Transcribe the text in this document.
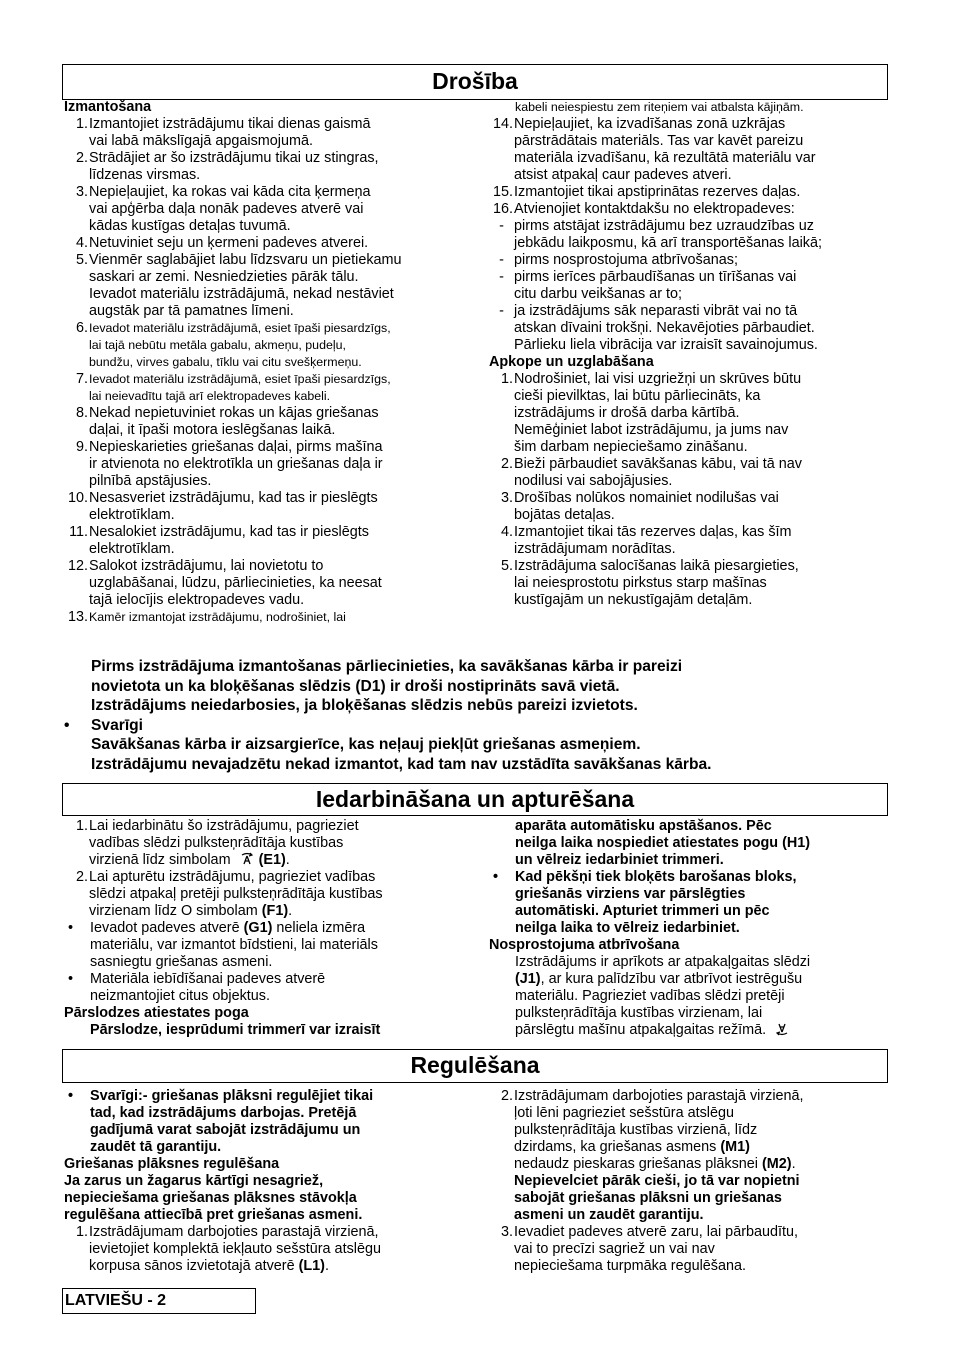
Drošība
Izmantošana
1. Izmantojiet izstrādājumu tikai dienas gaismā
vai labā mākslīgajā apgaismojumā.
2. Strādājiet ar šo izstrādājumu tikai uz stingras,
līdzenas virsmas.
3. Nepieļaujiet, ka rokas vai kāda cita ķermeņa
vai apģērba daļa nonāk padeves atverē vai
kādas kustīgas detaļas tuvumā.
4. Netuviniet seju un ķermeni padeves atverei.
5. Vienmēr saglabājiet labu līdzsvaru un pietiekamu
saskari ar zemi. Nesniedzieties pārāk tālu.
Ievadot materiālu izstrādājumā, nekad nestāviet
augstāk par tā pamatnes līmeni.
6. Ievadot materiālu izstrādājumā, esiet īpaši piesardzīgs,
lai tajā nebūtu metāla gabalu, akmeņu, pudeļu,
bundžu, virves gabalu, tīklu vai citu svešķermeņu.
7. Ievadot materiālu izstrādājumā, esiet īpaši piesardzīgs,
lai neievadītu tajā arī elektropadeves kabeli.
8. Nekad nepietuviniet rokas un kājas griešanas
daļai, it īpaši motora ieslēgšanas laikā.
9. Nepieskarieties griešanas daļai, pirms mašīna
ir atvienota no elektrotīkla un griešanas daļa ir
pilnībā apstājusies.
10. Nesasveriet izstrādājumu, kad tas ir pieslēgts
elektrotīklam.
11. Nesalokiet izstrādājumu, kad tas ir pieslēgts
elektrotīklam.
12. Salokot izstrādājumu, lai novietotu to
uzglabāšanai, lūdzu, pārliecinieties, ka neesat
tajā ielocījis elektropadeves vadu.
13. Kamēr izmantojat izstrādājumu, nodrošiniet, lai
kabeli neiespiestu zem riteņiem vai atbalsta kājiņām.
14. Nepieļaujiet, ka izvadīšanas zonā uzkrājas
pārstrādātais materiāls. Tas var kavēt pareizu
materiāla izvadīšanu, kā rezultātā materiālu var
atsist atpakaļ caur padeves atveri.
15. Izmantojiet tikai apstiprinātas rezerves daļas.
16. Atvienojiet kontaktdakšu no elektropadeves:
- pirms atstājat izstrādājumu bez uzraudzības uz
jebkādu laikposmu, kā arī transportēšanas laikā;
- pirms nosprostojuma atbrīvošanas;
- pirms ierīces pārbaudīšanas un tīrīšanas vai
citu darbu veikšanas ar to;
- ja izstrādājums sāk neparasti vibrāt vai no tā
atskan dīvaini trokšņi. Nekavējoties pārbaudiet.
Pārlieku liela vibrācija var izraisīt savainojumus.
Apkope un uzglabāšana
1. Nodrošiniet, lai visi uzgriežņi un skrūves būtu
cieši pievilktas, lai būtu pārliecināts, ka
izstrādājums ir drošā darba kārtībā.
Nemēģiniet labot izstrādājumu, ja jums nav
šim darbam nepieciešamo zināšanu.
2. Bieži pārbaudiet savākšanas kābu, vai tā nav
nodilusi vai sabojājusies.
3. Drošības nolūkos nomainiet nodilušas vai
bojātas detaļas.
4. Izmantojiet tikai tās rezerves daļas, kas šīm
izstrādājumam norādītas.
5. Izstrādājuma salocīšanas laikā piesargieties,
lai neiesprostotu pirkstus starp mašīnas
kustīgajām un nekustīgajām detaļām.
Pirms izstrādājuma izmantošanas pārliecinieties, ka savākšanas kārba ir pareizi
novietota un ka bloķēšanas slēdzis (D1) ir droši nostiprināts savā vietā.
Izstrādājums neiedarbosies, ja bloķēšanas slēdzis nebūs pareizi izvietots.
•	Svarīgi
Savākšanas kārba ir aizsargierīce, kas neļauj piekļūt griešanas asmeņiem.
Izstrādājumu nevajadzētu nekad izmantot, kad tam nav uzstādīta savākšanas kārba.
Iedarbināšana un apturēšana
1. Lai iedarbinātu šo izstrādājumu, pagrieziet
vadības slēdzi pulksteņrādītāja kustības
virzienā līdz simbolam (E1).
2. Lai apturētu izstrādājumu, pagrieziet vadības
slēdzi atpakaļ pretēji pulksteņrādītāja kustības
virzienam līdz O simbolam (F1).
•	Ievadot padeves atverē (G1) neliela izmēra
materiālu, var izmantot bīdstieni, lai materiāls
sasniegtu griešanas asmeni.
•	Materiāla iebīdīšanai padeves atverē
neizmantojiet citus objektus.
Pārslodzes atiestates poga
Pārslodze, iesprūdumi trimmerī var izraisīt
aparāta automātisku apstāšanos. Pēc
neilga laika nospiediet atiestates pogu (H1)
un vēlreiz iedarbiniet trimmeri.
•	Kad pēkšņi tiek bloķēts barošanas bloks,
griešanās virziens var pārslēgties
automātiski. Apturiet trimmeri un pēc
neilga laika to vēlreiz iedarbiniet.
Nosprostojuma atbrīvošana
Izstrādājums ir aprīkots ar atpakaļgaitas slēdzi
(J1), ar kura palīdzību var atbrīvot iestrēgušu
materiālu. Pagrieziet vadības slēdzi pretēji
pulksteņrādītāja kustības virzienam, lai
pārslēgtu mašīnu atpakaļgaitas režīmā.
Regulēšana
•	Svarīgi:- griešanas plāksni regulējiet tikai
tad, kad izstrādājums darbojas. Pretējā
gadījumā varat sabojāt izstrādājumu un
zaudēt tā garantiju.
Griešanas plāksnes regulēšana
Ja zarus un žagarus kārtīgi nesagriež,
nepieciešama griešanas plāksnes stāvokļa
regulēšana attiecībā pret griešanas asmeni.
1. Izstrādājumam darbojoties parastajā virzienā,
ievietojiet komplektā iekļauto sešstūra atslēgu
korpusa sānos izvietotajā atverē (L1).
2. Izstrādājumam darbojoties parastajā virzienā,
ļoti lēni pagrieziet sešstūra atslēgu
pulksteņrādītāja kustības virzienā, līdz
dzirdams, ka griešanas asmens (M1)
nedaudz pieskaras griešanas plāksnei (M2).
Nepievelciet pārāk cieši, jo tā var nopietni
sabojāt griešanas plāksni un griešanas
asmeni un zaudēt garantiju.
3. Ievadiet padeves atverē zaru, lai pārbaudītu,
vai to precīzi sagriež un vai nav
nepieciešama turpmāka regulēšana.
LATVIEŠU - 2
